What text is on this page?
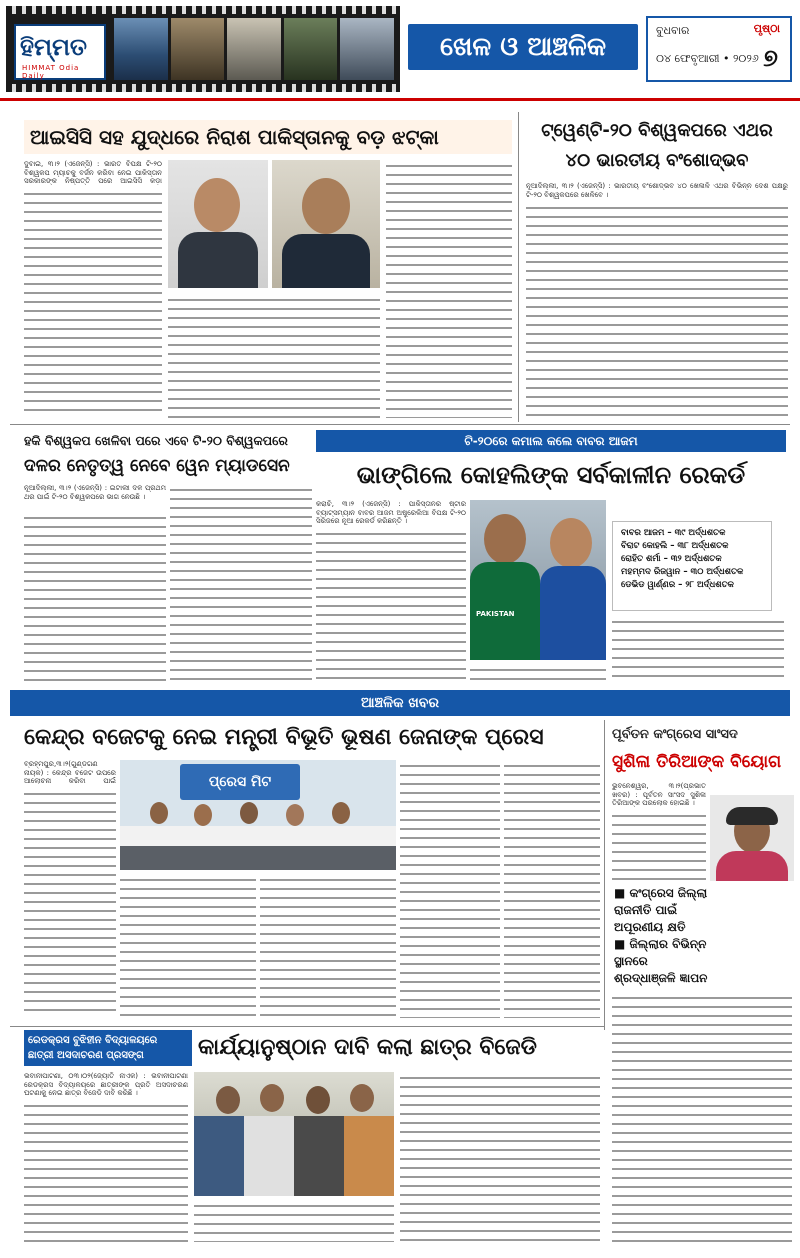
ହିମ୍ମତ
HIMMAT Odia Daily
ଖେଳ ଓ ଆଞ୍ଚଳିକ
ବୁଧବାର
୦୪ ଫେବୃଆରୀ • ୨୦୨୬
ପୃଷ୍ଠା
୭
ଆଇସିସି ସହ ଯୁଦ୍ଧରେ ନିରାଶ ପାକିସ୍ତାନକୁ ବଡ଼ ଝଟ୍‌କା
ଦୁବାଇ, ୩।୨ (ଏଜେନ୍ସି) : ଭାରତ ବିପକ୍ଷ ଟି-୨୦ ବିଶ୍ୱକପ ମ୍ୟାଚକୁ ବର୍ଜନ କରିବା ନେଇ ପାକିସ୍ତାନ ସରକାରଙ୍କ ନିଷ୍ପତ୍ତି ପରେ ଆଇସିସି କଡ଼ା
ଟ୍ୱେଣ୍ଟି-୨୦ ବିଶ୍ୱକପରେ ଏଥର
୪୦ ଭାରତୀୟ ବଂଶୋଦ୍ଭବ
ନୂଆଦିଲ୍ଲୀ, ୩।୨ (ଏଜେନ୍ସି) : ଭାରତୀୟ ବଂଶୋଦ୍ଭବ ୪୦ ଖେଳାଳି ଏଥର ବିଭିନ୍ନ ଦେଶ ପକ୍ଷରୁ ଟି-୨୦ ବିଶ୍ୱକପରେ ଖେଳିବେ ।
ହକି ବିଶ୍ୱକପ ଖେଳିବା ପରେ ଏବେ ଟି-୨୦ ବିଶ୍ୱକପରେ
ଦଳର ନେତୃତ୍ୱ ନେବେ ୱେନ ମ୍ୟାଡସେନ
ନୂଆଦିଲ୍ଲୀ, ୩।୨ (ଏଜେନ୍ସି) : ଇଟାଲୀ ଦଳ ପ୍ରଥମ ଥର ପାଇଁ ଟି-୨୦ ବିଶ୍ୱକପରେ ଭାଗ ନେଉଛି ।
ଟି-୨୦ରେ କମାଲ କଲେ ବାବର ଆଜମ
ଭାଙ୍ଗିଲେ କୋହଲିଙ୍କ ସର୍ବକାଳୀନ ରେକର୍ଡ
କରାଚି, ୩।୨ (ଏଜେନ୍ସି) : ପାକିସ୍ତାନର ଷ୍ଟାର ବ୍ୟାଟ୍ସମ୍ୟାନ ବାବର ଆଜମ ଅଷ୍ଟ୍ରେଲିଆ ବିପକ୍ଷ ଟି-୨୦ ସିରିଜରେ ନୂଆ ରେକର୍ଡ କରିଛନ୍ତି ।
PAKISTAN
ବାବର ଆଜମ – ୩୯ ଅର୍ଦ୍ଧଶତକ
ବିରାଟ କୋହଲି – ୩୮ ଅର୍ଦ୍ଧଶତକ
ରୋହିତ ଶର୍ମା – ୩୨ ଅର୍ଦ୍ଧଶତକ
ମହମ୍ମଦ ରିଜୱାନ – ୩୦ ଅର୍ଦ୍ଧଶତକ
ଡେଭିଡ ୱାର୍ଣ୍ଣର – ୨୮ ଅର୍ଦ୍ଧଶତକ
ଆଞ୍ଚଳିକ ଖବର
କେନ୍ଦ୍ର ବଜେଟକୁ ନେଇ ମନ୍ତ୍ରୀ ବିଭୂତି ଭୂଷଣ ଜେନାଙ୍କ ପ୍ରେସ
ବ୍ରହ୍ମପୁର,୩।୨(ଗୁଣ୍ଡଗଣ ନାୟକ) : କେନ୍ଦ୍ର ବଜେଟ ଉପରେ ଆଲୋଚନା କରିବା ପାଇଁ	ପ୍ରେସ ମିଟ
ପୂର୍ବତନ କଂଗ୍ରେସ ସାଂସଦ
ସୁଶିଳା ତିରିଆଙ୍କ ବିୟୋଗ
ଭୁବନେଶ୍ୱର, ୩।୨(ପ୍ରଭାତ ଖବର) : ପୂର୍ବତନ ସାଂସଦ ସୁଶିଳା ତିରିଆଙ୍କ ପରଲୋକ ହୋଇଛି ।
■ କଂଗ୍ରେସ ଜିଲ୍ଲା
ରାଜନୀତି ପାଇଁ
ଅପୂରଣୀୟ କ୍ଷତି
■ ଜିଲ୍ଲାର ବିଭିନ୍ନ
ସ୍ଥାନରେ
ଶ୍ରଦ୍ଧାଞ୍ଜଳି ଜ୍ଞାପନ
ରେଡକ୍ରସ ବୁଝିହୀନ ବିଦ୍ୟାଳୟରେ
ଛାତ୍ରୀ ଅସଦାଚରଣ ପ୍ରସଙ୍ଗ	କାର୍ଯ୍ୟାନୁଷ୍ଠାନ ଦାବି କଲା ଛାତ୍ର ବିଜେଡି
ଭବାନୀପାଟଣା, ୦୩।୦୨(ଜ୍ୟୋତି ନାଏକ) : ଭବାନୀପାଟଣା ରେଡକ୍ରସ ବିଦ୍ୟାଳୟରେ ଛାତ୍ରୀଙ୍କ ପ୍ରତି ଅସଦାଚରଣ ଘଟଣାକୁ ନେଇ ଛାତ୍ର ବିଜେଡି ଦାବି କରିଛି ।
